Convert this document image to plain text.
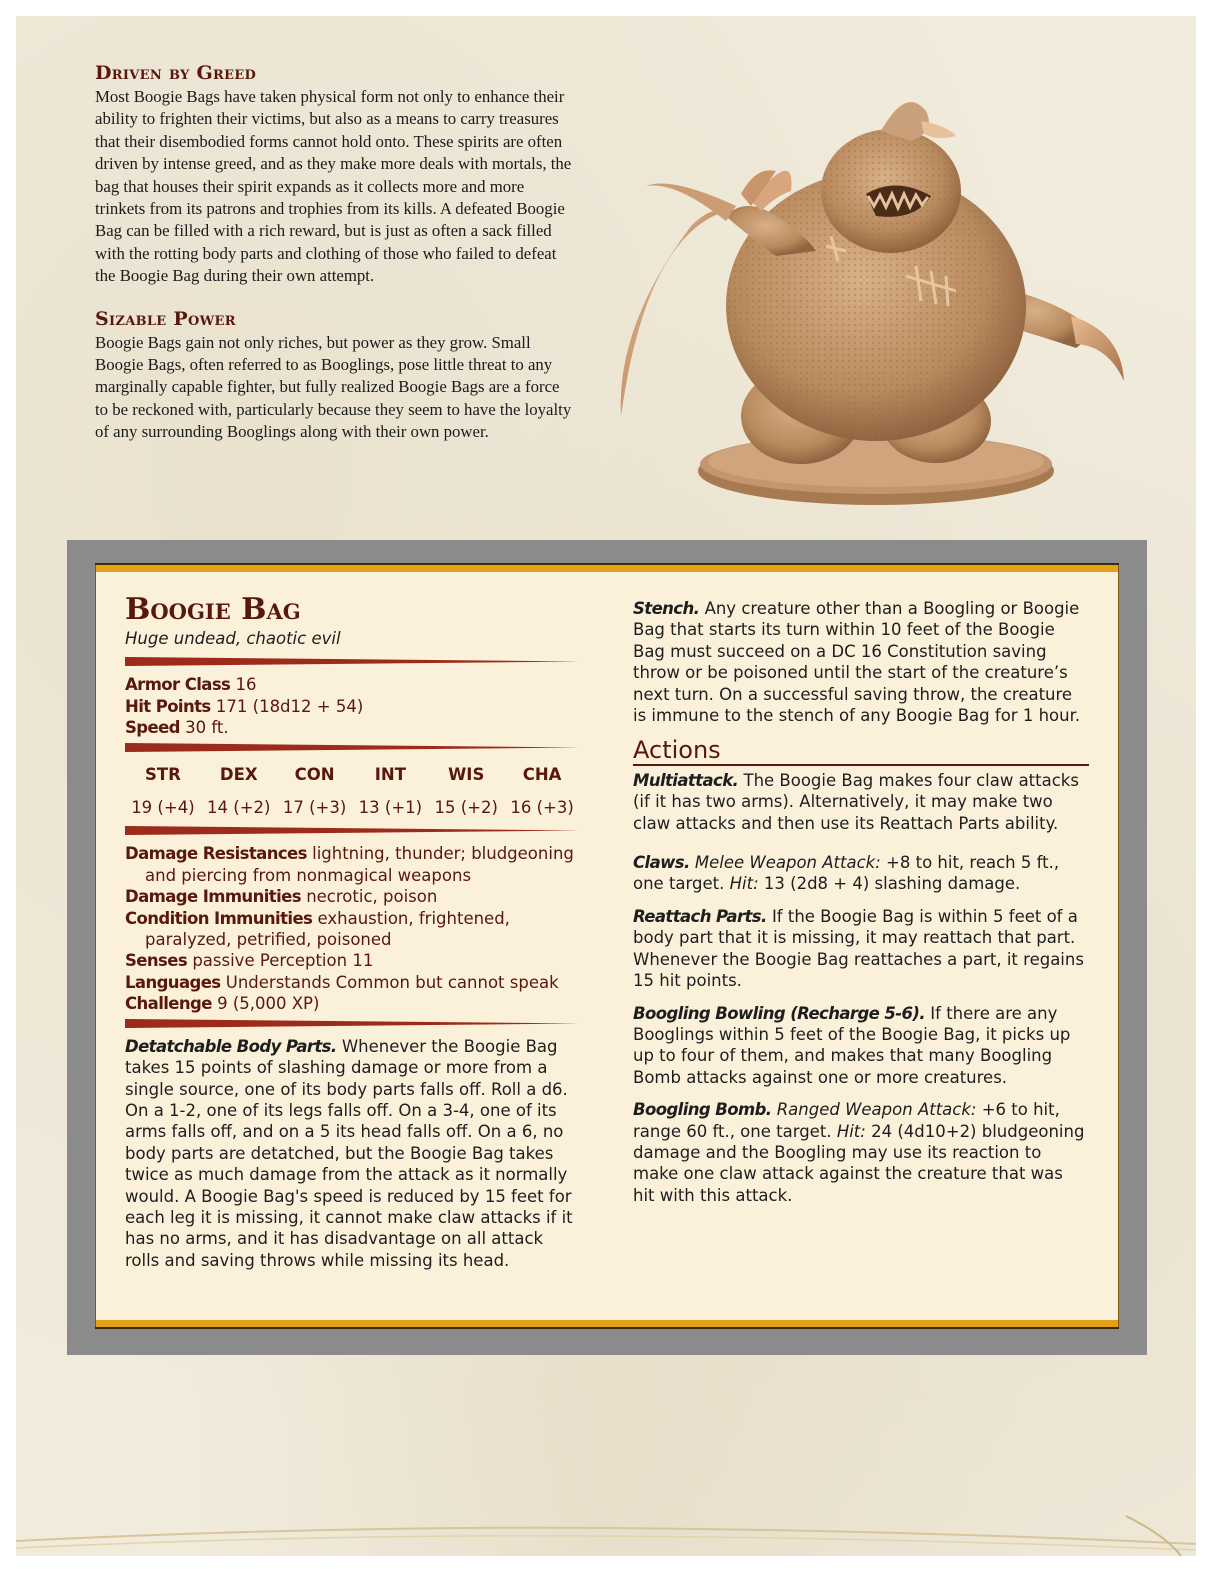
Driven by Greed

Most Boogie Bags have taken physical form not only to enhance their ability to frighten their victims, but also as a means to carry treasures that their disembodied forms cannot hold onto. These spirits are often driven by intense greed, and as they make more deals with mortals, the bag that houses their spirit expands as it collects more and more trinkets from its patrons and trophies from its kills. A defeated Boogie Bag can be filled with a rich reward, but is just as often a sack filled with the rotting body parts and clothing of those who failed to defeat the Boogie Bag during their own attempt.

Sizable Power

Boogie Bags gain not only riches, but power as they grow. Small Boogie Bags, often referred to as Booglings, pose little threat to any marginally capable fighter, but fully realized Boogie Bags are a force to be reckoned with, particularly because they seem to have the loyalty of any surrounding Booglings along with their own power.

Boogie Bag

Huge undead, chaotic evil

Armor Class 16

Hit Points 171 (18d12 + 54)

Speed 30 ft.

STR	DEX	CON	INT	WIS	CHA
19 (+4)	14 (+2)	17 (+3)	13 (+1)	15 (+2)	16 (+3)

Damage Resistances lightning, thunder; bludgeoning and piercing from nonmagical weapons

Damage Immunities necrotic, poison

Condition Immunities exhaustion, frightened, paralyzed, petrified, poisoned

Senses passive Perception 11

Languages Understands Common but cannot speak

Challenge 9 (5,000 XP)

Detatchable Body Parts. Whenever the Boogie Bag takes 15 points of slashing damage or more from a single source, one of its body parts falls off. Roll a d6. On a 1-2, one of its legs falls off. On a 3-4, one of its arms falls off, and on a 5 its head falls off. On a 6, no body parts are detatched, but the Boogie Bag takes twice as much damage from the attack as it normally would. A Boogie Bag's speed is reduced by 15 feet for each leg it is missing, it cannot make claw attacks if it has no arms, and it has disadvantage on all attack rolls and saving throws while missing its head.

Stench. Any creature other than a Boogling or Boogie Bag that starts its turn within 10 feet of the Boogie Bag must succeed on a DC 16 Constitution saving throw or be poisoned until the start of the creature’s next turn. On a successful saving throw, the creature is immune to the stench of any Boogie Bag for 1 hour.

Actions

Multiattack. The Boogie Bag makes four claw attacks (if it has two arms). Alternatively, it may make two claw attacks and then use its Reattach Parts ability.

Claws. Melee Weapon Attack: +8 to hit, reach 5 ft., one target. Hit: 13 (2d8 + 4) slashing damage.

Reattach Parts. If the Boogie Bag is within 5 feet of a body part that it is missing, it may reattach that part. Whenever the Boogie Bag reattaches a part, it regains 15 hit points.

Boogling Bowling (Recharge 5-6). If there are any Booglings within 5 feet of the Boogie Bag, it picks up up to four of them, and makes that many Boogling Bomb attacks against one or more creatures.

Boogling Bomb. Ranged Weapon Attack: +6 to hit, range 60 ft., one target. Hit: 24 (4d10+2) bludgeoning damage and the Boogling may use its reaction to make one claw attack against the creature that was hit with this attack.
